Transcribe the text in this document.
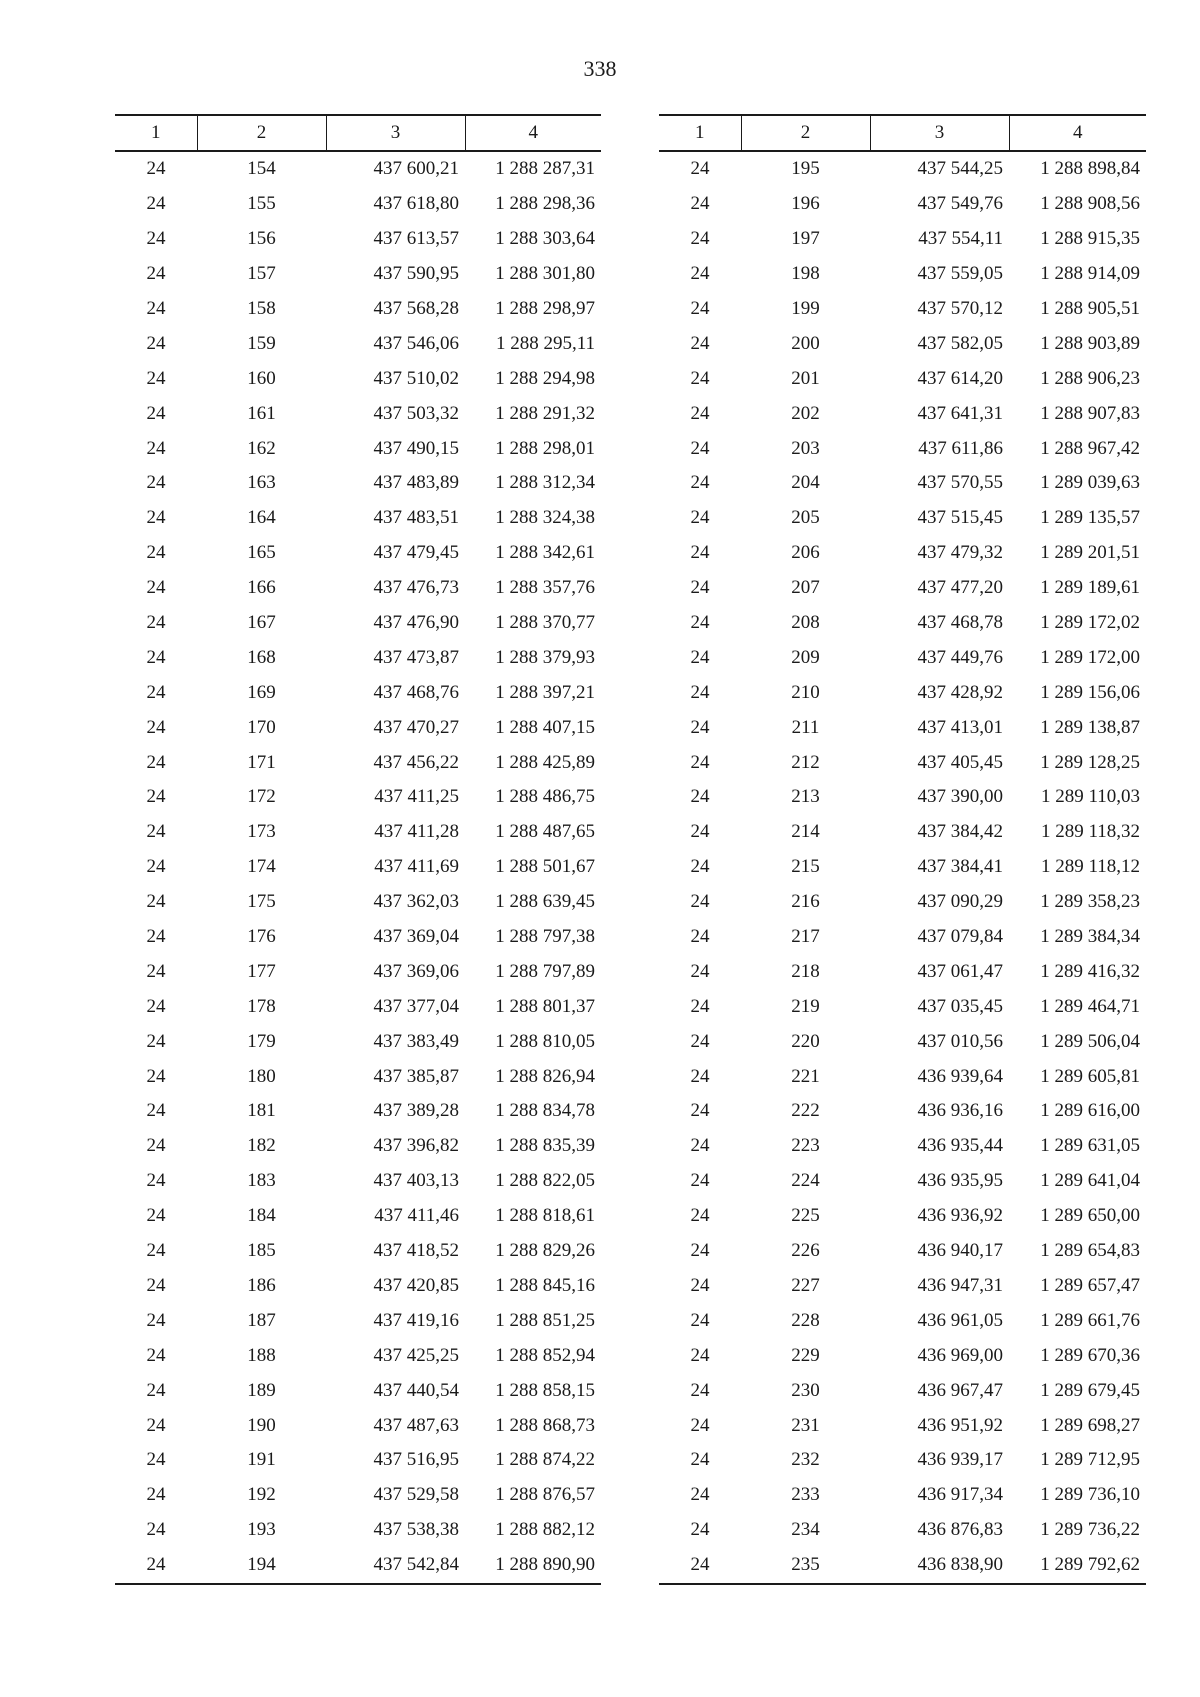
338
1	2	3	4
24	154	437 600,21	1 288 287,31
24	155	437 618,80	1 288 298,36
24	156	437 613,57	1 288 303,64
24	157	437 590,95	1 288 301,80
24	158	437 568,28	1 288 298,97
24	159	437 546,06	1 288 295,11
24	160	437 510,02	1 288 294,98
24	161	437 503,32	1 288 291,32
24	162	437 490,15	1 288 298,01
24	163	437 483,89	1 288 312,34
24	164	437 483,51	1 288 324,38
24	165	437 479,45	1 288 342,61
24	166	437 476,73	1 288 357,76
24	167	437 476,90	1 288 370,77
24	168	437 473,87	1 288 379,93
24	169	437 468,76	1 288 397,21
24	170	437 470,27	1 288 407,15
24	171	437 456,22	1 288 425,89
24	172	437 411,25	1 288 486,75
24	173	437 411,28	1 288 487,65
24	174	437 411,69	1 288 501,67
24	175	437 362,03	1 288 639,45
24	176	437 369,04	1 288 797,38
24	177	437 369,06	1 288 797,89
24	178	437 377,04	1 288 801,37
24	179	437 383,49	1 288 810,05
24	180	437 385,87	1 288 826,94
24	181	437 389,28	1 288 834,78
24	182	437 396,82	1 288 835,39
24	183	437 403,13	1 288 822,05
24	184	437 411,46	1 288 818,61
24	185	437 418,52	1 288 829,26
24	186	437 420,85	1 288 845,16
24	187	437 419,16	1 288 851,25
24	188	437 425,25	1 288 852,94
24	189	437 440,54	1 288 858,15
24	190	437 487,63	1 288 868,73
24	191	437 516,95	1 288 874,22
24	192	437 529,58	1 288 876,57
24	193	437 538,38	1 288 882,12
24	194	437 542,84	1 288 890,90
1	2	3	4
24	195	437 544,25	1 288 898,84
24	196	437 549,76	1 288 908,56
24	197	437 554,11	1 288 915,35
24	198	437 559,05	1 288 914,09
24	199	437 570,12	1 288 905,51
24	200	437 582,05	1 288 903,89
24	201	437 614,20	1 288 906,23
24	202	437 641,31	1 288 907,83
24	203	437 611,86	1 288 967,42
24	204	437 570,55	1 289 039,63
24	205	437 515,45	1 289 135,57
24	206	437 479,32	1 289 201,51
24	207	437 477,20	1 289 189,61
24	208	437 468,78	1 289 172,02
24	209	437 449,76	1 289 172,00
24	210	437 428,92	1 289 156,06
24	211	437 413,01	1 289 138,87
24	212	437 405,45	1 289 128,25
24	213	437 390,00	1 289 110,03
24	214	437 384,42	1 289 118,32
24	215	437 384,41	1 289 118,12
24	216	437 090,29	1 289 358,23
24	217	437 079,84	1 289 384,34
24	218	437 061,47	1 289 416,32
24	219	437 035,45	1 289 464,71
24	220	437 010,56	1 289 506,04
24	221	436 939,64	1 289 605,81
24	222	436 936,16	1 289 616,00
24	223	436 935,44	1 289 631,05
24	224	436 935,95	1 289 641,04
24	225	436 936,92	1 289 650,00
24	226	436 940,17	1 289 654,83
24	227	436 947,31	1 289 657,47
24	228	436 961,05	1 289 661,76
24	229	436 969,00	1 289 670,36
24	230	436 967,47	1 289 679,45
24	231	436 951,92	1 289 698,27
24	232	436 939,17	1 289 712,95
24	233	436 917,34	1 289 736,10
24	234	436 876,83	1 289 736,22
24	235	436 838,90	1 289 792,62
